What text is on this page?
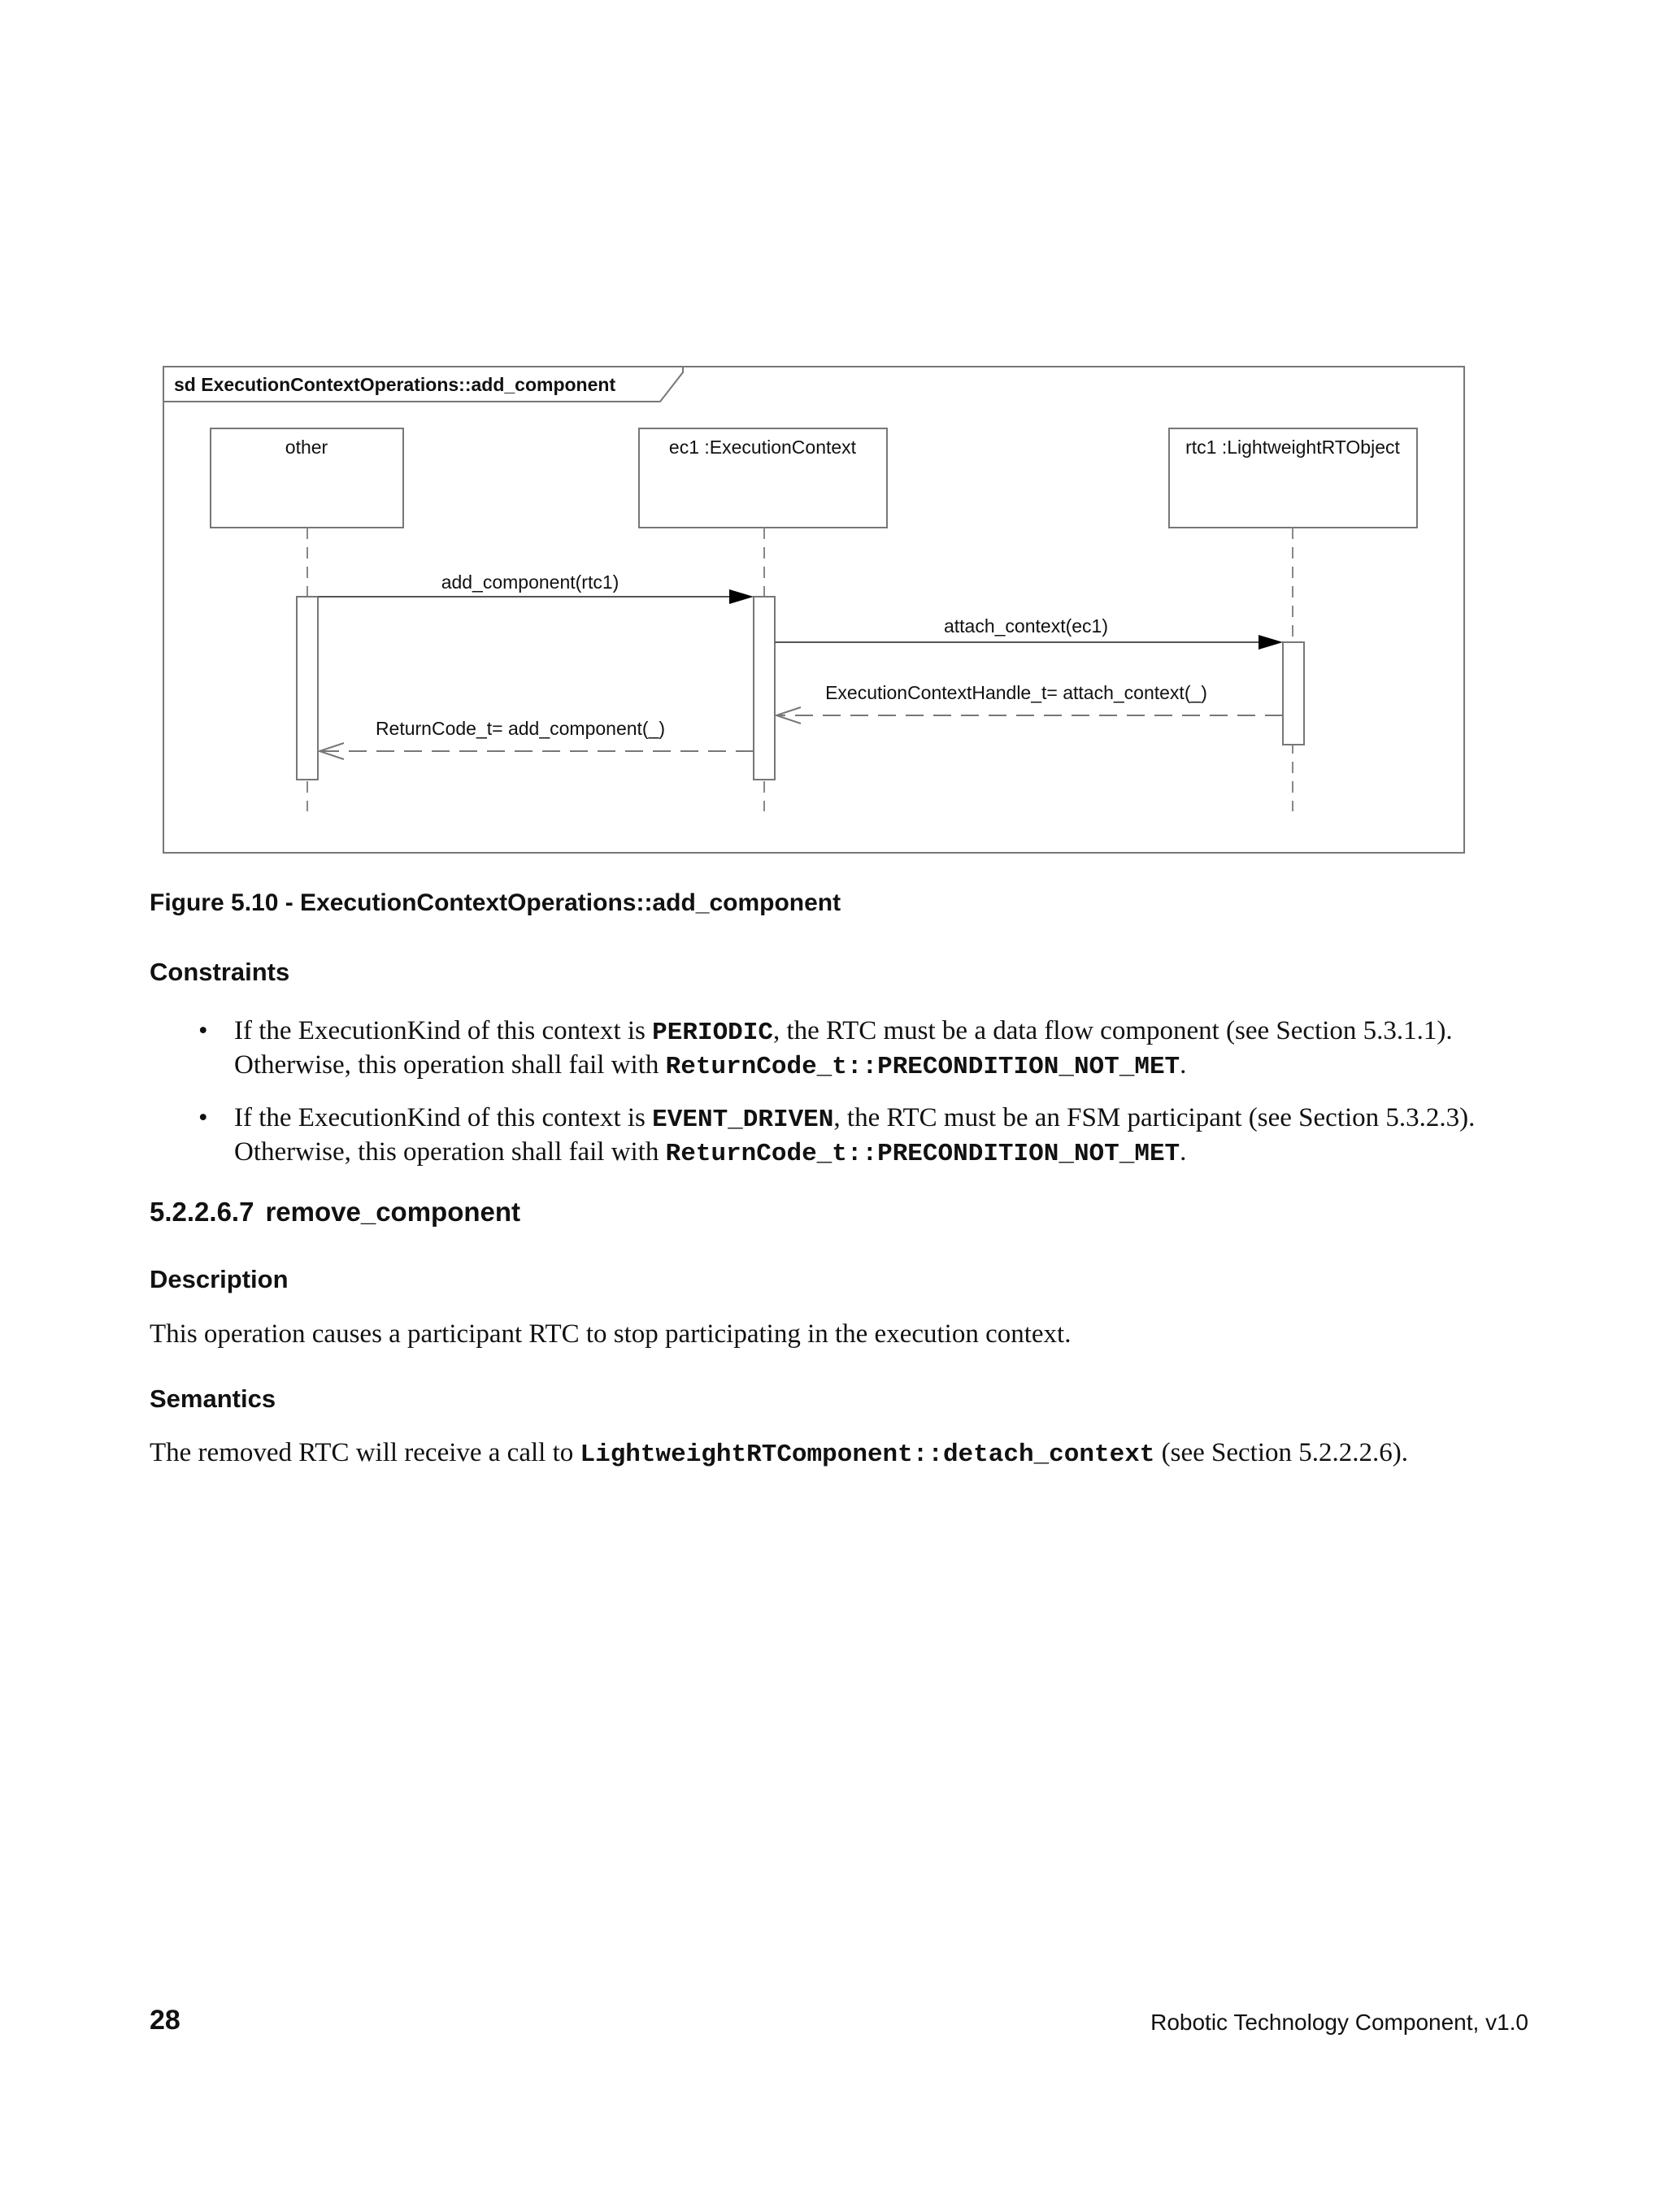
sd ExecutionContextOperations::add_component
other	ec1 :ExecutionContext	rtc1 :LightweightRTObject
add_component(rtc1)
attach_context(ec1)
ExecutionContextHandle_t= attach_context(_)
ReturnCode_t= add_component(_)

Figure 5.10 - ExecutionContextOperations::add_component

Constraints

• If the ExecutionKind of this context is PERIODIC, the RTC must be a data flow component (see Section 5.3.1.1).

Otherwise, this operation shall fail with ReturnCode_t::PRECONDITION_NOT_MET.

• If the ExecutionKind of this context is EVENT_DRIVEN, the RTC must be an FSM participant (see Section 5.3.2.3).

Otherwise, this operation shall fail with ReturnCode_t::PRECONDITION_NOT_MET.

5.2.2.6.7 remove_component

Description

This operation causes a participant RTC to stop participating in the execution context.

Semantics

The removed RTC will receive a call to LightweightRTComponent::detach_context (see Section 5.2.2.2.6).

28	Robotic Technology Component, v1.0
